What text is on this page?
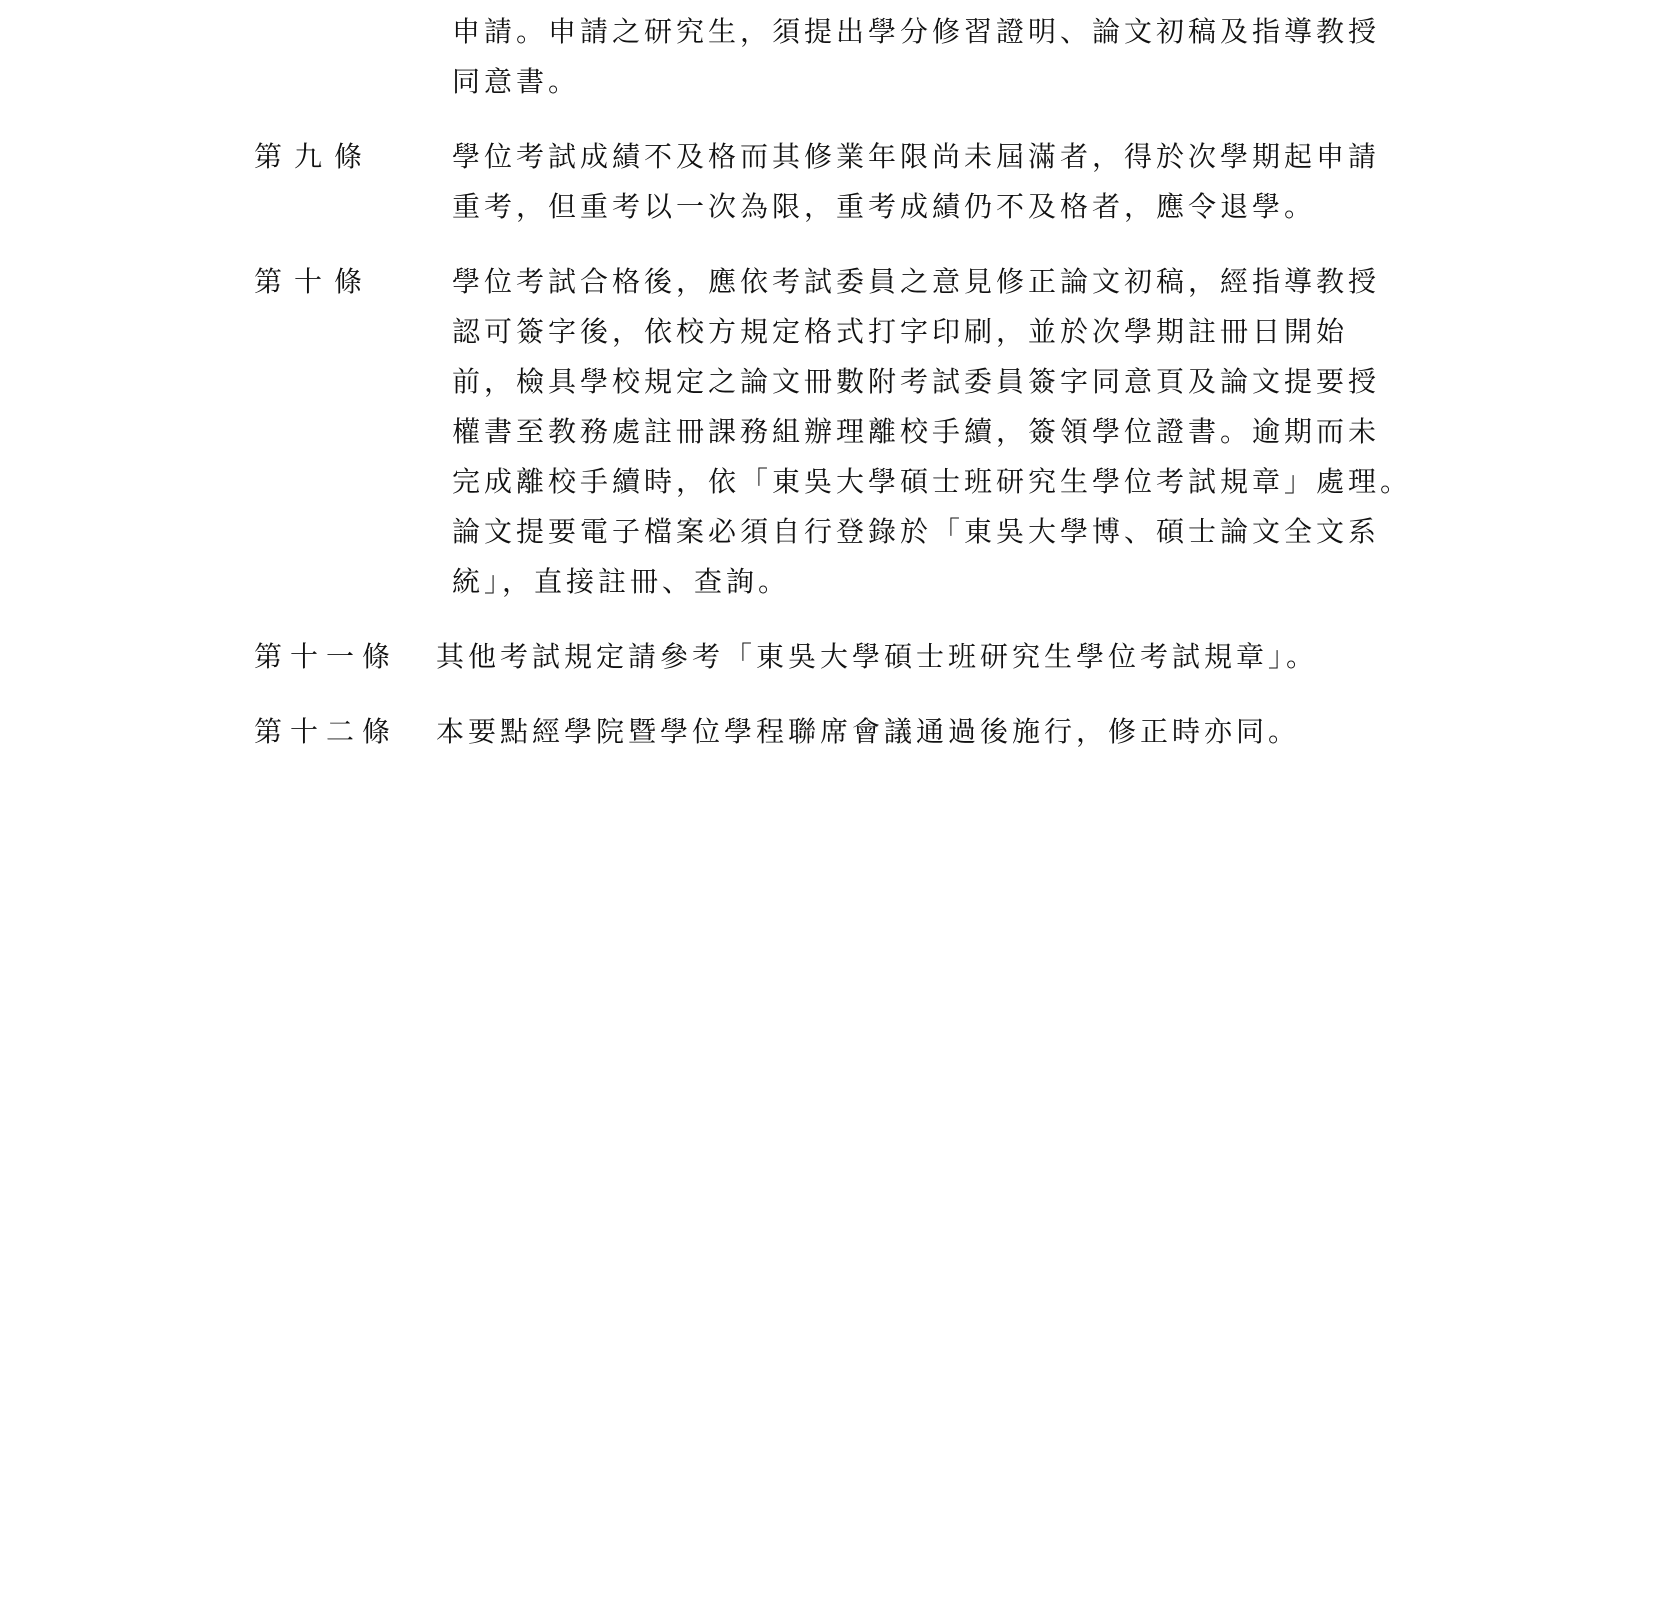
申請。申請之研究生，須提出學分修習證明、論文初稿及指導教授
同意書。
第九條	學位考試成績不及格而其修業年限尚未屆滿者，得於次學期起申請
重考，但重考以一次為限，重考成績仍不及格者，應令退學。
第十條	學位考試合格後，應依考試委員之意見修正論文初稿，經指導教授
認可簽字後，依校方規定格式打字印刷，並於次學期註冊日開始
前，檢具學校規定之論文冊數附考試委員簽字同意頁及論文提要授
權書至教務處註冊課務組辦理離校手續，簽領學位證書。逾期而未
完成離校手續時，依「東吳大學碩士班研究生學位考試規章」處理。
論文提要電子檔案必須自行登錄於「東吳大學博、碩士論文全文系
統」，直接註冊、查詢。
第十一條 其他考試規定請參考「東吳大學碩士班研究生學位考試規章」。
第十二條 本要點經學院暨學位學程聯席會議通過後施行，修正時亦同。
